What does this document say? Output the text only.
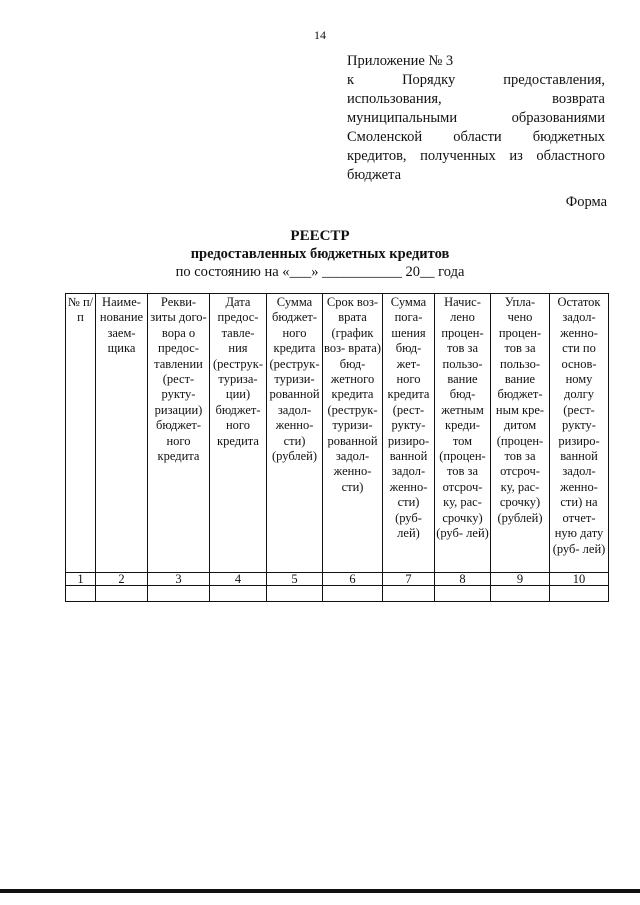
14
Приложение № 3
к Порядку предоставления,
использования, возврата
муниципальными образованиями
Смоленской области бюджетных
кредитов, полученных из областного
бюджета
Форма
РЕЕСТР
предоставленных бюджетных кредитов
по состоянию на «___» ___________ 20__ года
№ п/п	Наиме- нование заем- щика	Рекви- зиты дого- вора о предос- тавлении (рест- рукту- ризации) бюджет- ного кредита	Дата предос- тавле- ния (реструк- туриза- ции) бюджет- ного кредита	Сумма бюджет- ного кредита (реструк- туризи- рованной задол- женно- сти) (рублей)	Срок воз- врата (график воз- врата) бюд- жетного кредита (реструк- туризи- рованной задол- женно- сти)	Сумма пога- шения бюд- жет- ного кредита (рест- рукту- ризиро- ванной задол- женно- сти) (руб- лей)	Начис- лено процен- тов за пользо- вание бюд- жетным креди- том (процен- тов за отсроч- ку, рас- срочку) (руб- лей)	Упла- чено процен- тов за пользо- вание бюджет- ным кре- дитом (процен- тов за отсроч- ку, рас- срочку) (рублей)	Остаток задол- женно- сти по основ- ному долгу (рест- рукту- ризиро- ванной задол- женно- сти) на отчет- ную дату (руб- лей)
1	2	3	4	5	6	7	8	9	10
